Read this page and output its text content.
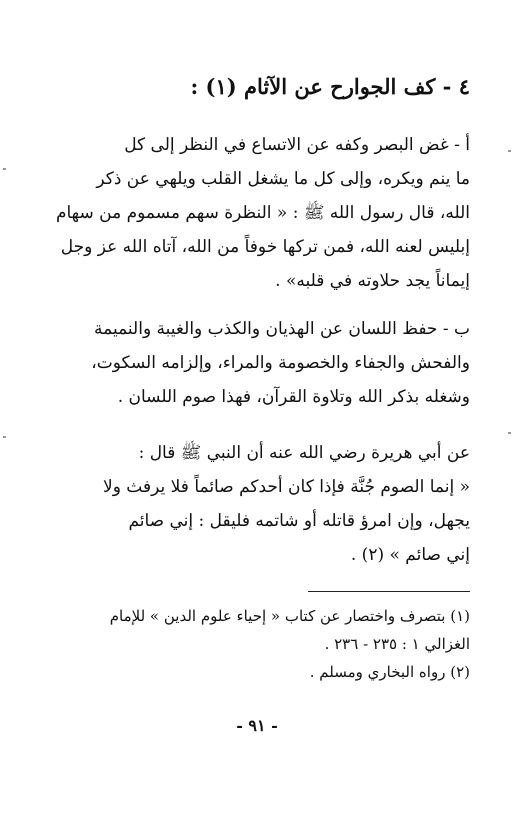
٤ - كف الجوارح عن الآثام (١) :
أ - غض البصر وكفه عن الاتساع في النظر إلى كل
ما ينم ويكره، وإلى كل ما يشغل القلب ويلهي عن ذكر
الله، قال رسول الله ﷺ : « النظرة سهم مسموم من سهام
إبليس لعنه الله، فمن تركها خوفاً من الله، آتاه الله عز وجل
إيماناً يجد حلاوته في قلبه» .
ب - حفظ اللسان عن الهذيان والكذب والغيبة والنميمة
والفحش والجفاء والخصومة والمراء، وإلزامه السكوت،
وشغله بذكر الله وتلاوة القرآن، فهذا صوم اللسان .
عن أبي هريرة رضي الله عنه أن النبي ﷺ قال :
« إنما الصوم جُنَّة فإذا كان أحدكم صائماً فلا يرفث ولا
يجهل، وإن امرؤ قاتله أو شاتمه فليقل : إني صائم
إني صائم » (٢) .
(١) بتصرف واختصار عن كتاب « إحياء علوم الدين » للإمام
الغزالي ١ : ٢٣٥ - ٢٣٦ .
(٢) رواه البخاري ومسلم .
- ٩١ -
